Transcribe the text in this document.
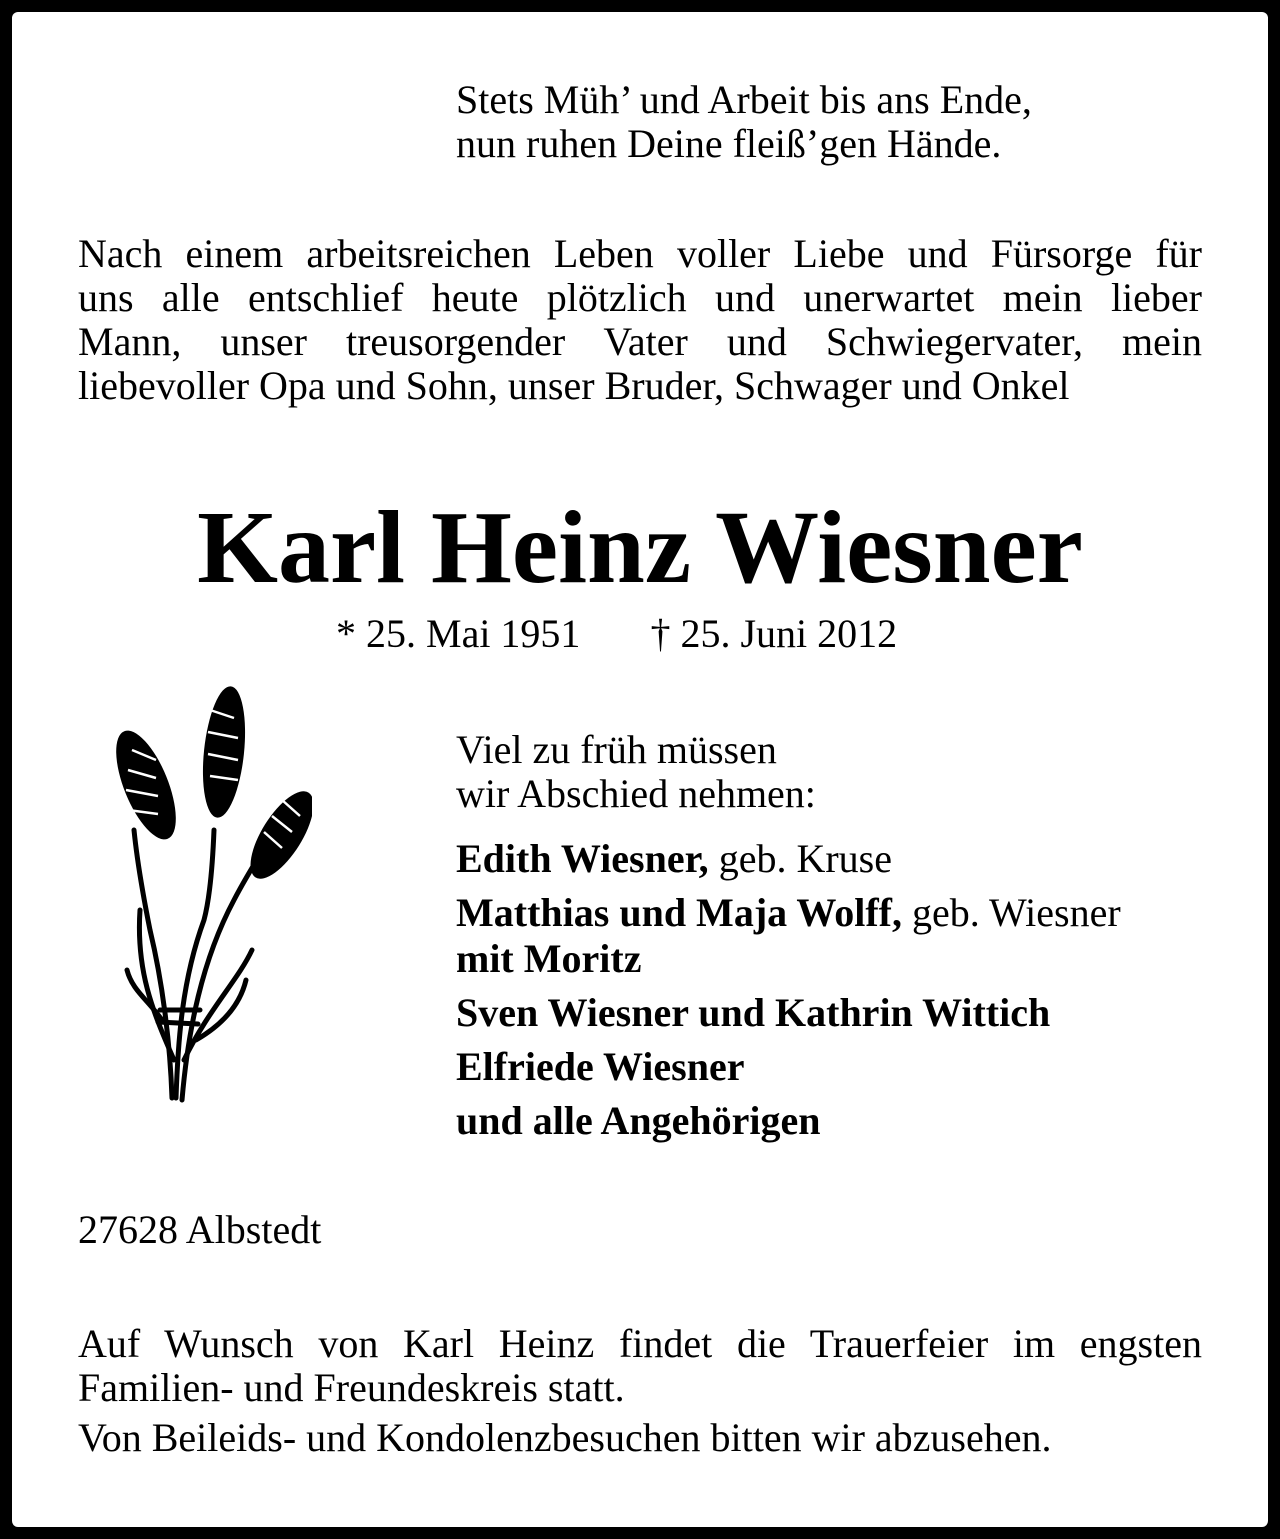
Stets Müh’ und Arbeit bis ans Ende,
nun ruhen Deine fleiß’gen Hände.
Nach einem arbeitsreichen Leben voller Liebe und Fürsorge für
uns alle entschlief heute plötzlich und unerwartet mein lieber
Mann, unser treusorgender Vater und Schwiegervater, mein
liebevoller Opa und Sohn, unser Bruder, Schwager und Onkel
Karl Heinz Wiesner
* 25. Mai 1951 † 25. Juni 2012
Viel zu früh müssen
wir Abschied nehmen:
Edith Wiesner, geb. Kruse
Matthias und Maja Wolff, geb. Wiesner
mit Moritz
Sven Wiesner und Kathrin Wittich
Elfriede Wiesner
und alle Angehörigen
27628 Albstedt
Auf Wunsch von Karl Heinz findet die Trauerfeier im engsten
Familien- und Freundeskreis statt.
Von Beileids- und Kondolenzbesuchen bitten wir abzusehen.
